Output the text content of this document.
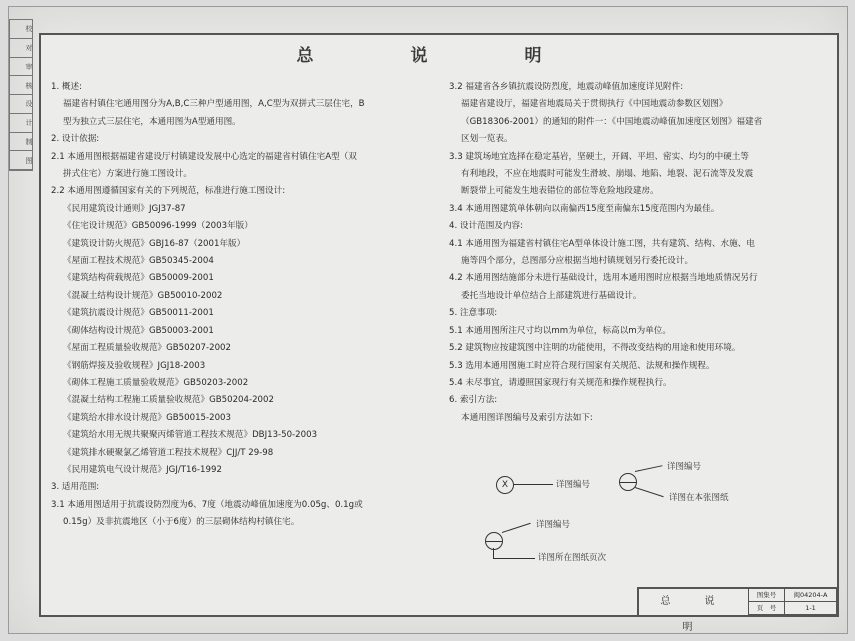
校
对
审
核
设
计
制
图
总　说　明
1. 概述:
福建省村镇住宅通用图分为A,B,C三种户型通用图，A,C型为双拼式三层住宅，B
型为独立式三层住宅，本通用图为A型通用图。
2. 设计依据:
2.1 本通用图根据福建省建设厅村镇建设发展中心选定的福建省村镇住宅A型（双
拼式住宅）方案进行施工图设计。
2.2 本通用图遵循国家有关的下列规范，标准进行施工图设计:
《民用建筑设计通则》JGJ37-87
《住宅设计规范》GB50096-1999（2003年版）
《建筑设计防火规范》GBJ16-87（2001年版）
《屋面工程技术规范》GB50345-2004
《建筑结构荷载规范》GB50009-2001
《混凝土结构设计规范》GB50010-2002
《建筑抗震设计规范》GB50011-2001
《砌体结构设计规范》GB50003-2001
《屋面工程质量验收规范》GB50207-2002
《钢筋焊接及验收规程》JGJ18-2003
《砌体工程施工质量验收规范》GB50203-2002
《混凝土结构工程施工质量验收规范》GB50204-2002
《建筑给水排水设计规范》GB50015-2003
《建筑给水用无规共聚聚丙烯管道工程技术规范》DBJ13-50-2003
《建筑排水硬聚氯乙烯管道工程技术规程》CJJ/T 29-98
《民用建筑电气设计规范》JGJ/T16-1992
3. 适用范围:
3.1 本通用图适用于抗震设防烈度为6、7度（地震动峰值加速度为0.05g、0.1g或
0.15g）及非抗震地区（小于6度）的三层砌体结构村镇住宅。
3.2 福建省各乡镇抗震设防烈度，地震动峰值加速度详见附件:
福建省建设厅，福建省地震局关于贯彻执行《中国地震动参数区划图》
（GB18306-2001）的通知的附件一：《中国地震动峰值加速度区划图》福建省
区划一览表。
3.3 建筑场地宜选择在稳定基岩，坚硬土，开阔、平坦、密实、均匀的中硬土等
有利地段，不应在地震时可能发生滑坡、崩塌、地陷、地裂、泥石流等及发震
断裂带上可能发生地表错位的部位等危险地段建房。
3.4 本通用图建筑单体朝向以南偏西15度至南偏东15度范围内为最佳。
4. 设计范围及内容:
4.1 本通用图为福建省村镇住宅A型单体设计施工图，共有建筑、结构、水施、电
施等四个部分，总图部分应根据当地村镇规划另行委托设计。
4.2 本通用图结施部分未进行基础设计，选用本通用图时应根据当地地质情况另行
委托当地设计单位结合上部建筑进行基础设计。
5. 注意事项:
5.1 本通用图所注尺寸均以mm为单位，标高以m为单位。
5.2 建筑物应按建筑图中注明的功能使用，不得改变结构的用途和使用环境。
5.3 选用本通用图施工时应符合现行国家有关规范、法规和操作规程。
5.4 未尽事宜，请遵照国家现行有关规范和操作规程执行。
6. 索引方法:
本通用图详图编号及索引方法如下:
X	详图编号
详图编号
详图在本张图纸
详图编号
详图所在图纸页次
总　说　明
图集号	闽04204-A
页　号	1-1
